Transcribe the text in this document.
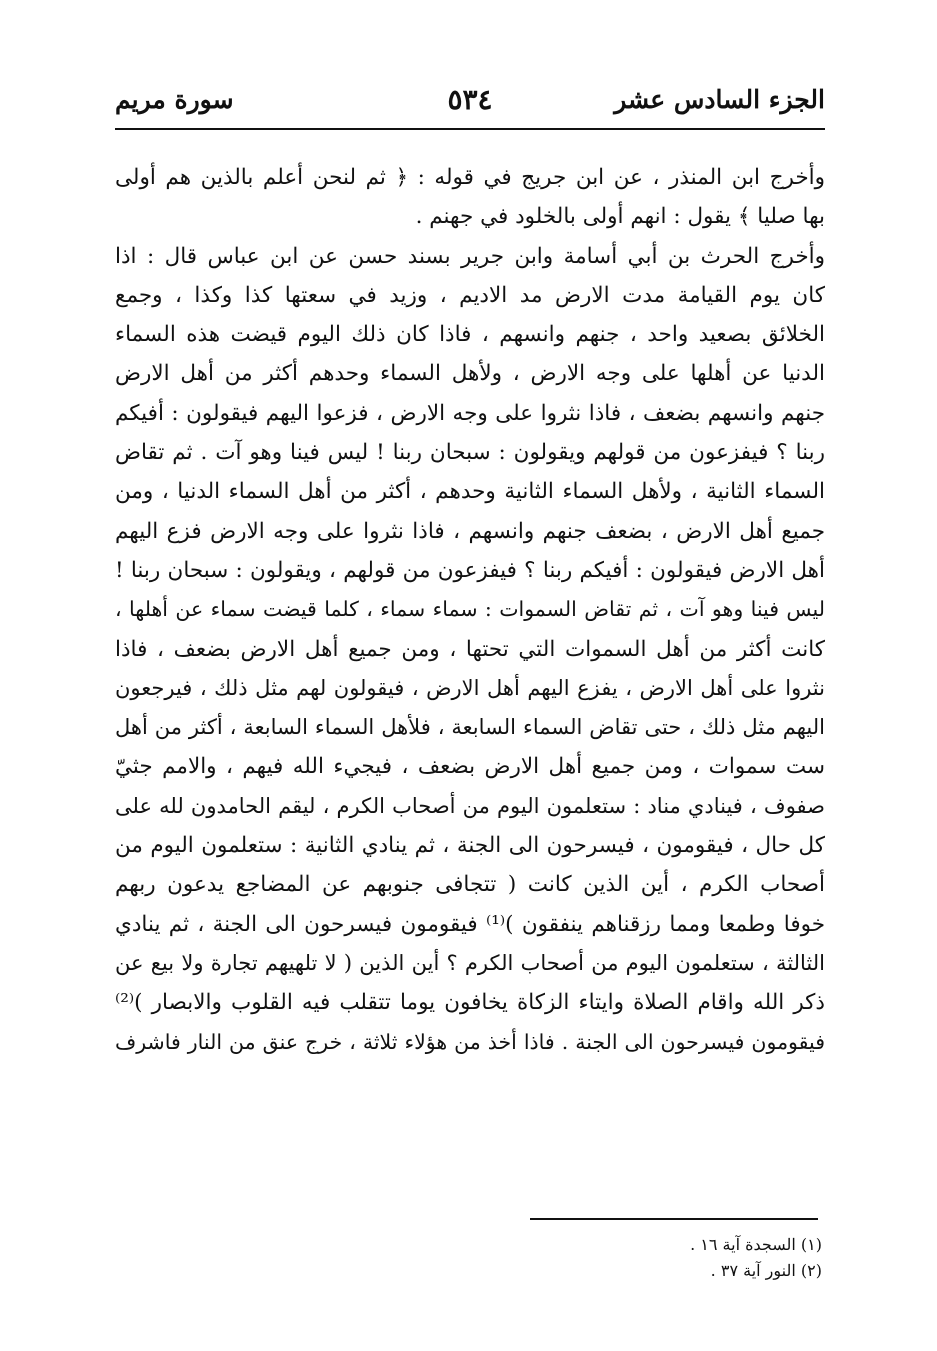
الجزء السادس عشر
٥٣٤
سورة مريم
وأخرج ابن المنذر ، عن ابن جريج في قوله : ﴿ ثم لنحن أعلم بالذين هم أولى
بها صليا ﴾ يقول : انهم أولى بالخلود في جهنم .
وأخرج الحرث بن أبي أسامة وابن جرير بسند حسن عن ابن عباس قال : اذا
كان يوم القيامة مدت الارض مد الاديم ، وزيد في سعتها كذا وكذا ، وجمع
الخلائق بصعيد واحد ، جنهم وانسهم ، فاذا كان ذلك اليوم قيضت هذه السماء
الدنيا عن أهلها على وجه الارض ، ولأهل السماء وحدهم أكثر من أهل الارض
جنهم وانسهم بضعف ، فاذا نثروا على وجه الارض ، فزعوا اليهم فيقولون : أفيكم
ربنا ؟ فيفزعون من قولهم ويقولون : سبحان ربنا ! ليس فينا وهو آت . ثم تقاض
السماء الثانية ، ولأهل السماء الثانية وحدهم ، أكثر من أهل السماء الدنيا ، ومن
جميع أهل الارض ، بضعف جنهم وانسهم ، فاذا نثروا على وجه الارض فزع اليهم
أهل الارض فيقولون : أفيكم ربنا ؟ فيفزعون من قولهم ، ويقولون : سبحان ربنا !
ليس فينا وهو آت ، ثم تقاض السموات : سماء سماء ، كلما قيضت سماء عن أهلها ،
كانت أكثر من أهل السموات التي تحتها ، ومن جميع أهل الارض بضعف ، فاذا
نثروا على أهل الارض ، يفزع اليهم أهل الارض ، فيقولون لهم مثل ذلك ، فيرجعون
اليهم مثل ذلك ، حتى تقاض السماء السابعة ، فلأهل السماء السابعة ، أكثر من أهل
ست سموات ، ومن جميع أهل الارض بضعف ، فيجيء الله فيهم ، والامم جثيّ
صفوف ، فينادي مناد : ستعلمون اليوم من أصحاب الكرم ، ليقم الحامدون لله على
كل حال ، فيقومون ، فيسرحون الى الجنة ، ثم ينادي الثانية : ستعلمون اليوم من
أصحاب الكرم ، أين الذين كانت ( تتجافى جنوبهم عن المضاجع يدعون ربهم
خوفا وطمعا ومما رزقناهم ينفقون )⁽¹⁾ فيقومون فيسرحون الى الجنة ، ثم ينادي
الثالثة ، ستعلمون اليوم من أصحاب الكرم ؟ أين الذين ( لا تلهيهم تجارة ولا بيع عن
ذكر الله واقام الصلاة وايتاء الزكاة يخافون يوما تتقلب فيه القلوب والابصار )⁽²⁾
فيقومون فيسرحون الى الجنة . فاذا أخذ من هؤلاء ثلاثة ، خرج عنق من النار فاشرف
(١) السجدة آية ١٦ .
(٢) النور آية ٣٧ .
